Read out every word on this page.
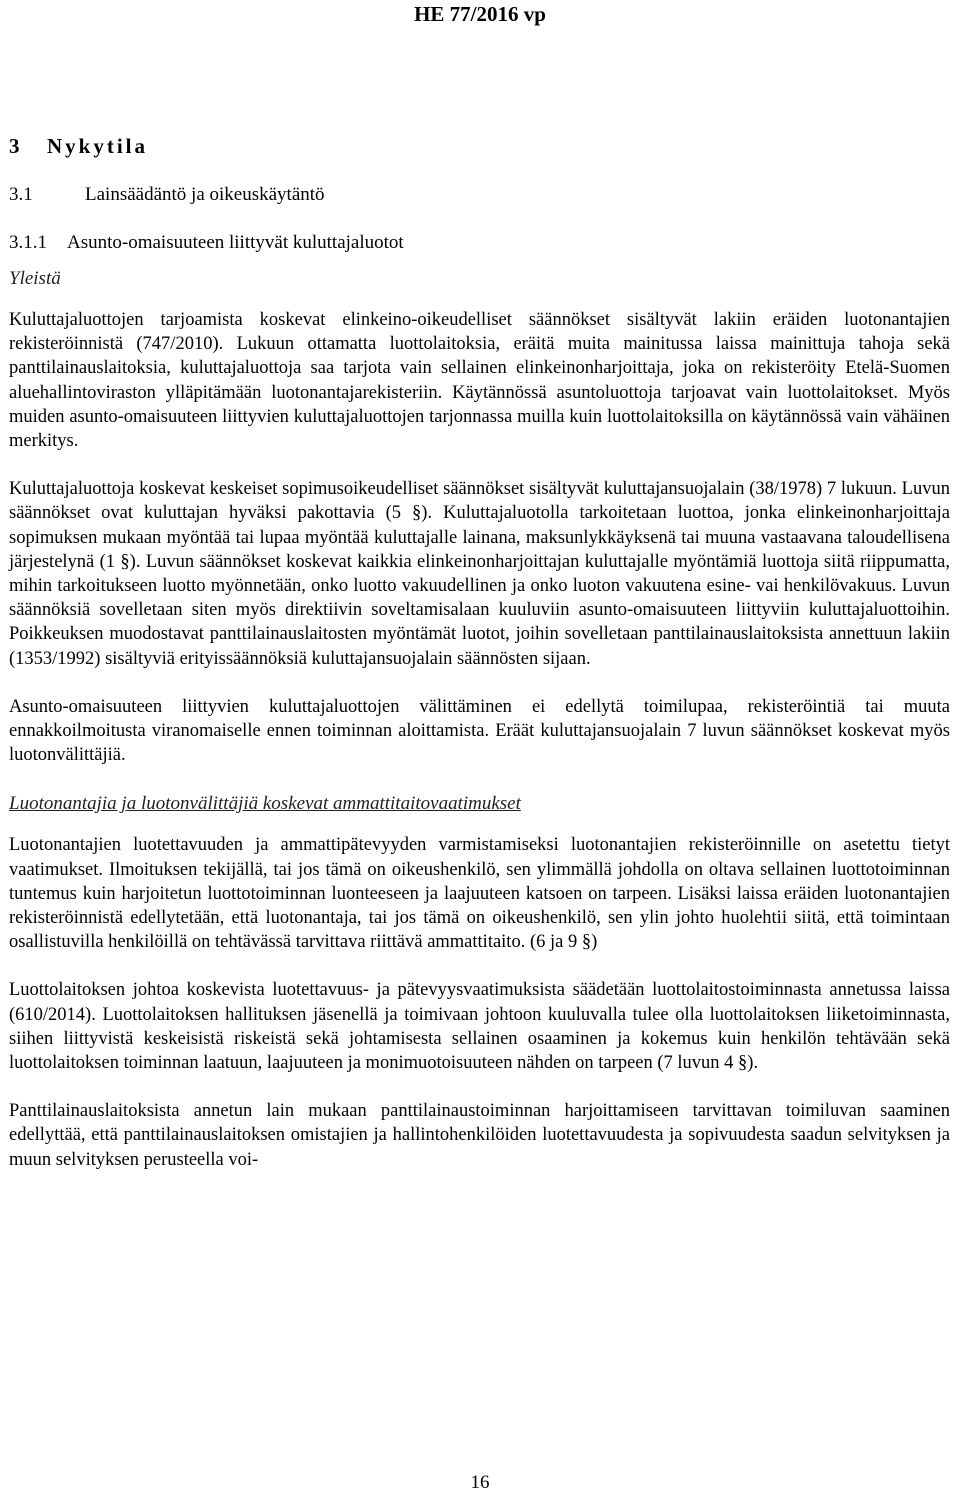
HE 77/2016 vp
3 Nykytila
3.1	Lainsäädäntö ja oikeuskäytäntö
3.1.1 Asunto-omaisuuteen liittyvät kuluttajaluotot
Yleistä

Kuluttajaluottojen tarjoamista koskevat elinkeino-oikeudelliset säännökset sisältyvät lakiin eräiden luotonantajien rekisteröinnistä (747/2010). Lukuun ottamatta luottolaitoksia, eräitä muita mainitussa laissa mainittuja tahoja sekä panttilainauslaitoksia, kuluttajaluottoja saa tarjota vain sellainen elinkeinonharjoittaja, joka on rekisteröity Etelä-Suomen aluehallintoviraston ylläpitämään luotonantajarekisteriin. Käytännössä asuntoluottoja tarjoavat vain luottolaitokset. Myös muiden asunto-omaisuuteen liittyvien kuluttajaluottojen tarjonnassa muilla kuin luottolaitoksilla on käytännössä vain vähäinen merkitys.

Kuluttajaluottoja koskevat keskeiset sopimusoikeudelliset säännökset sisältyvät kuluttajansuojalain (38/1978) 7 lukuun. Luvun säännökset ovat kuluttajan hyväksi pakottavia (5 §). Kuluttajaluotolla tarkoitetaan luottoa, jonka elinkeinonharjoittaja sopimuksen mukaan myöntää tai lupaa myöntää kuluttajalle lainana, maksunlykkäyksenä tai muuna vastaavana taloudellisena järjestelynä (1 §). Luvun säännökset koskevat kaikkia elinkeinonharjoittajan kuluttajalle myöntämiä luottoja siitä riippumatta, mihin tarkoitukseen luotto myönnetään, onko luotto vakuudellinen ja onko luoton vakuutena esine- vai henkilövakuus. Luvun säännöksiä sovelletaan siten myös direktiivin soveltamisalaan kuuluviin asunto-omaisuuteen liittyviin kuluttajaluottoihin. Poikkeuksen muodostavat panttilainauslaitosten myöntämät luotot, joihin sovelletaan panttilainauslaitoksista annettuun lakiin (1353/1992) sisältyviä erityissäännöksiä kuluttajansuojalain säännösten sijaan.

Asunto-omaisuuteen liittyvien kuluttajaluottojen välittäminen ei edellytä toimilupaa, rekisteröintiä tai muuta ennakkoilmoitusta viranomaiselle ennen toiminnan aloittamista. Eräät kuluttajansuojalain 7 luvun säännökset koskevat myös luotonvälittäjiä.

Luotonantajia ja luotonvälittäjiä koskevat ammattitaitovaatimukset

Luotonantajien luotettavuuden ja ammattipätevyyden varmistamiseksi luotonantajien rekisteröinnille on asetettu tietyt vaatimukset. Ilmoituksen tekijällä, tai jos tämä on oikeushenkilö, sen ylimmällä johdolla on oltava sellainen luottotoiminnan tuntemus kuin harjoitetun luottotoiminnan luonteeseen ja laajuuteen katsoen on tarpeen. Lisäksi laissa eräiden luotonantajien rekisteröinnistä edellytetään, että luotonantaja, tai jos tämä on oikeushenkilö, sen ylin johto huolehtii siitä, että toimintaan osallistuvilla henkilöillä on tehtävässä tarvittava riittävä ammattitaito. (6 ja 9 §)

Luottolaitoksen johtoa koskevista luotettavuus- ja pätevyysvaatimuksista säädetään luottolaitostoiminnasta annetussa laissa (610/2014). Luottolaitoksen hallituksen jäsenellä ja toimivaan johtoon kuuluvalla tulee olla luottolaitoksen liiketoiminnasta, siihen liittyvistä keskeisistä riskeistä sekä johtamisesta sellainen osaaminen ja kokemus kuin henkilön tehtävään sekä luottolaitoksen toiminnan laatuun, laajuuteen ja monimuotoisuuteen nähden on tarpeen (7 luvun 4 §).

Panttilainauslaitoksista annetun lain mukaan panttilainaustoiminnan harjoittamiseen tarvittavan toimiluvan saaminen edellyttää, että panttilainauslaitoksen omistajien ja hallintohenkilöiden luotettavuudesta ja sopivuudesta saadun selvityksen ja muun selvityksen perusteella voi-

16
